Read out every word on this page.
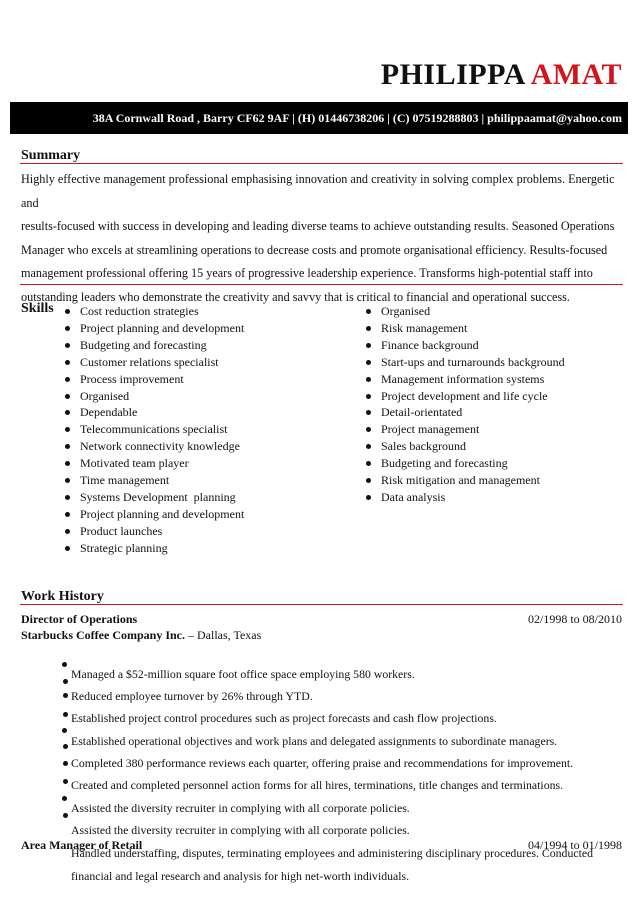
PHILIPPA AMAT
38A Cornwall Road , Barry CF62 9AF | (H) 01446738206 | (C) 07519288803 | philippaamat@yahoo.com
Summary
Highly effective management professional emphasising innovation and creativity in solving complex problems. Energetic and
results-focused with success in developing and leading diverse teams to achieve outstanding results. Seasoned Operations
Manager who excels at streamlining operations to decrease costs and promote organisational efficiency. Results-focused
management professional offering 15 years of progressive leadership experience. Transforms high-potential staff into
outstanding leaders who demonstrate the creativity and savvy that is critical to financial and operational success.
Skills	Cost reduction strategies
Project planning and development
Budgeting and forecasting
Customer relations specialist
Process improvement
Organised
Dependable
Telecommunications specialist
Network connectivity knowledge
Motivated team player
Time management
Systems Development  planning
Project planning and development
Product launches
Strategic planning
Organised
Risk management
Finance background
Start-ups and turnarounds background
Management information systems
Project development and life cycle
Detail-orientated
Project management
Sales background
Budgeting and forecasting
Risk mitigation and management
Data analysis
Work History
Director of Operations	02/1998 to 08/2010
Starbucks Coffee Company Inc. – Dallas, Texas
Managed a $52-million square foot office space employing 580 workers.
Reduced employee turnover by 26% through YTD.
Established project control procedures such as project forecasts and cash flow projections.
Established operational objectives and work plans and delegated assignments to subordinate managers.
Completed 380 performance reviews each quarter, offering praise and recommendations for improvement.
Created and completed personnel action forms for all hires, terminations, title changes and terminations.
Assisted the diversity recruiter in complying with all corporate policies.
Assisted the diversity recruiter in complying with all corporate policies.
Area Manager of Retail	04/1994 to 01/1998
Handled understaffing, disputes, terminating employees and administering disciplinary procedures. Conducted
financial and legal research and analysis for high net-worth individuals.
